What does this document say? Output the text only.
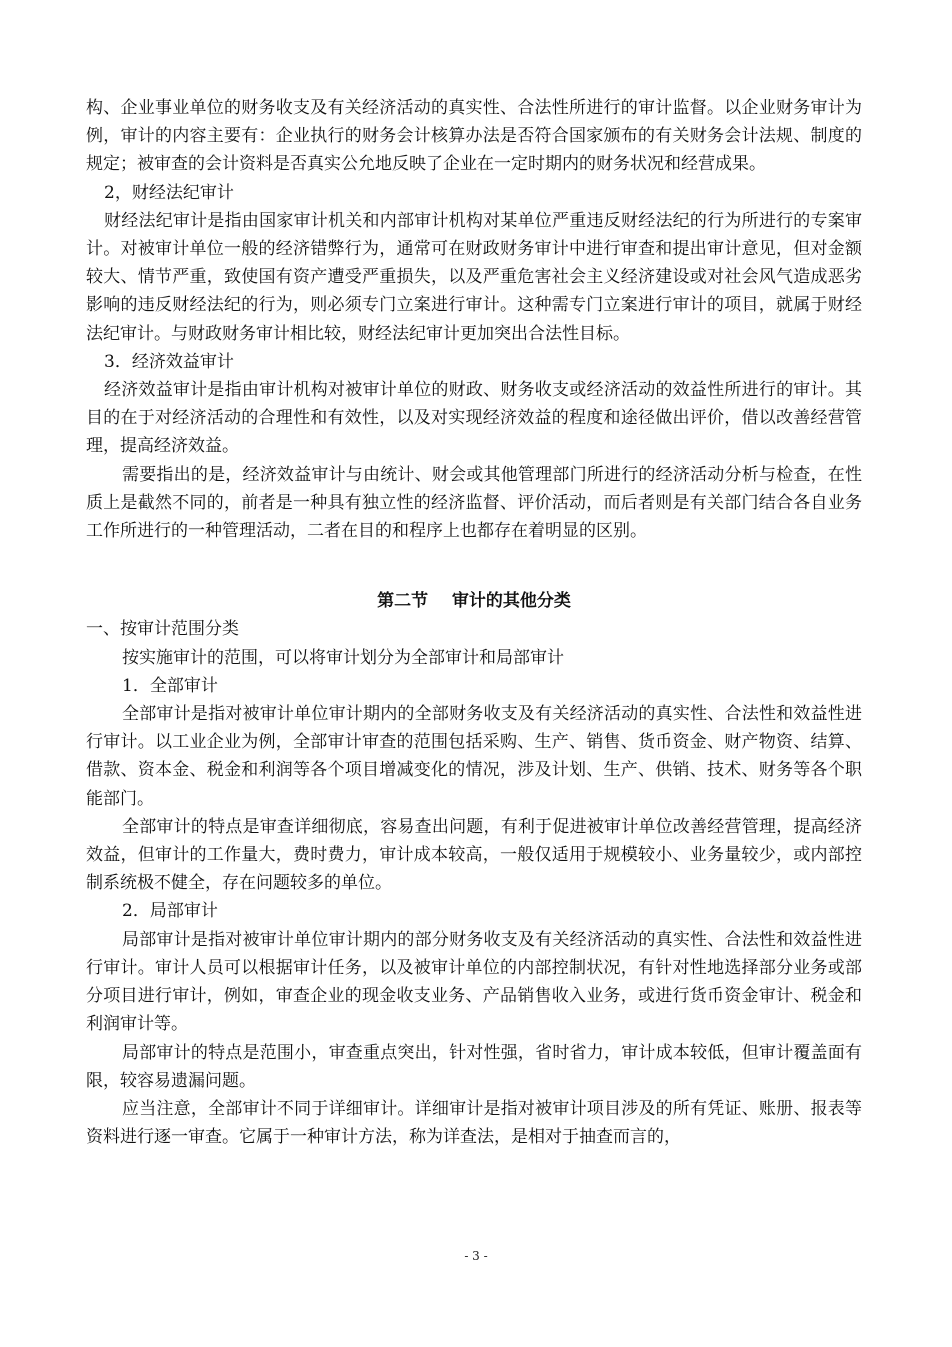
构、企业事业单位的财务收支及有关经济活动的真实性、合法性所进行的审计监督。以企业财务审计为例，审计的内容主要有：企业执行的财务会计核算办法是否符合国家颁布的有关财务会计法规、制度的规定；被审查的会计资料是否真实公允地反映了企业在一定时期内的财务状况和经营成果。

2，财经法纪审计

财经法纪审计是指由国家审计机关和内部审计机构对某单位严重违反财经法纪的行为所进行的专案审计。对被审计单位一般的经济错弊行为，通常可在财政财务审计中进行审查和提出审计意见，但对金额较大、情节严重，致使国有资产遭受严重损失，以及严重危害社会主义经济建设或对社会风气造成恶劣影响的违反财经法纪的行为，则必须专门立案进行审计。这种需专门立案进行审计的项目，就属于财经法纪审计。与财政财务审计相比较，财经法纪审计更加突出合法性目标。

3．经济效益审计

经济效益审计是指由审计机构对被审计单位的财政、财务收支或经济活动的效益性所进行的审计。其目的在于对经济活动的合理性和有效性，以及对实现经济效益的程度和途径做出评价，借以改善经营管理，提高经济效益。

需要指出的是，经济效益审计与由统计、财会或其他管理部门所进行的经济活动分析与检查，在性质上是截然不同的，前者是一种具有独立性的经济监督、评价活动，而后者则是有关部门结合各自业务工作所进行的一种管理活动，二者在目的和程序上也都存在着明显的区别。

第二节    审计的其他分类

一、按审计范围分类

按实施审计的范围，可以将审计划分为全部审计和局部审计

1．全部审计

全部审计是指对被审计单位审计期内的全部财务收支及有关经济活动的真实性、合法性和效益性进行审计。以工业企业为例，全部审计审查的范围包括采购、生产、销售、货币资金、财产物资、结算、借款、资本金、税金和利润等各个项目增减变化的情况，涉及计划、生产、供销、技术、财务等各个职能部门。

全部审计的特点是审查详细彻底，容易查出问题，有利于促进被审计单位改善经营管理，提高经济效益，但审计的工作量大，费时费力，审计成本较高，一般仅适用于规模较小、业务量较少，或内部控制系统极不健全，存在问题较多的单位。

2．局部审计

局部审计是指对被审计单位审计期内的部分财务收支及有关经济活动的真实性、合法性和效益性进行审计。审计人员可以根据审计任务，以及被审计单位的内部控制状况，有针对性地选择部分业务或部分项目进行审计，例如，审查企业的现金收支业务、产品销售收入业务，或进行货币资金审计、税金和利润审计等。

局部审计的特点是范围小，审查重点突出，针对性强，省时省力，审计成本较低，但审计覆盖面有限，较容易遗漏问题。

应当注意，全部审计不同于详细审计。详细审计是指对被审计项目涉及的所有凭证、账册、报表等资料进行逐一审查。它属于一种审计方法，称为详查法，是相对于抽查而言的，

- 3 -
